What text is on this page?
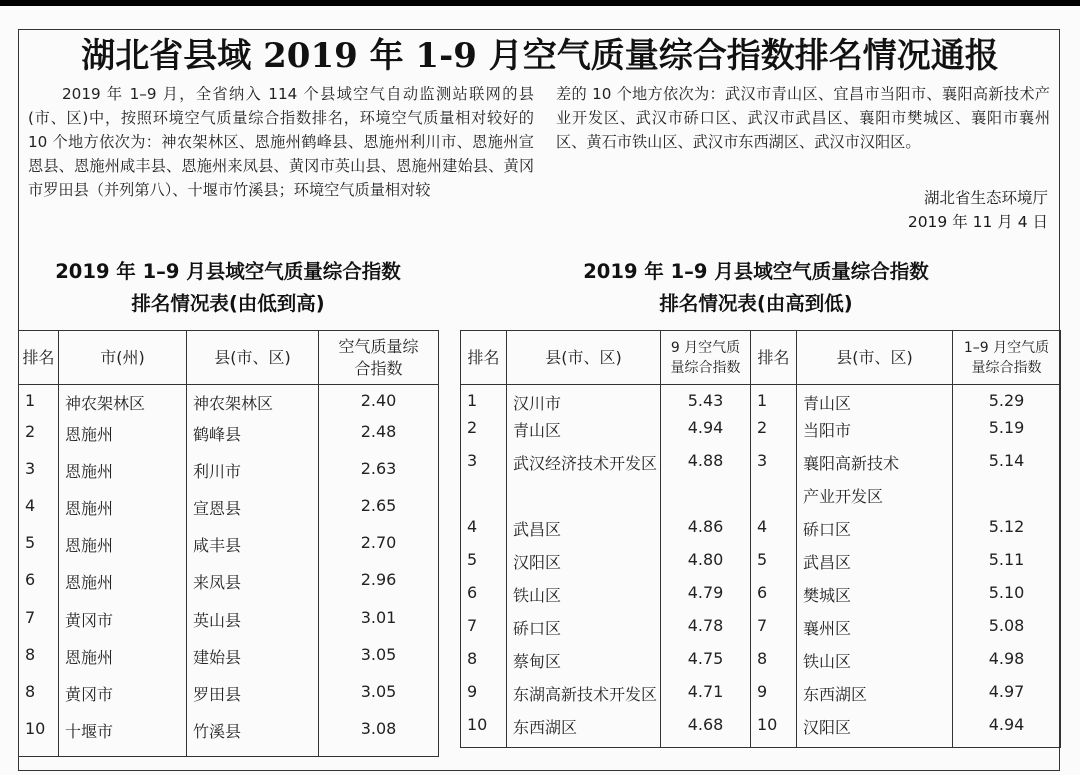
湖北省县域 2019 年 1-9 月空气质量综合指数排名情况通报
2019 年 1–9 月，全省纳入 114 个县域空气自动监测站联网的县(市、区)中，按照环境空气质量综合指数排名，环境空气质量相对较好的 10 个地方依次为：神农架林区、恩施州鹤峰县、恩施州利川市、恩施州宣恩县、恩施州咸丰县、恩施州来凤县、黄冈市英山县、恩施州建始县、黄冈市罗田县（并列第八）、十堰市竹溪县；环境空气质量相对较
差的 10 个地方依次为：武汉市青山区、宜昌市当阳市、襄阳高新技术产业开发区、武汉市硚口区、武汉市武昌区、襄阳市樊城区、襄阳市襄州区、黄石市铁山区、武汉市东西湖区、武汉市汉阳区。
湖北省生态环境厅
2019 年 11 月 4 日
2019 年 1–9 月县域空气质量综合指数
排名情况表(由低到高)
2019 年 1–9 月县域空气质量综合指数
排名情况表(由高到低)
排名	市(州)	县(市、区)	空气质量综合指数
1	神农架林区	神农架林区	2.40
2	恩施州	鹤峰县	2.48
3	恩施州	利川市	2.63
4	恩施州	宣恩县	2.65
5	恩施州	咸丰县	2.70
6	恩施州	来凤县	2.96
7	黄冈市	英山县	3.01
8	恩施州	建始县	3.05
8	黄冈市	罗田县	3.05
10	十堰市	竹溪县	3.08
排名	县(市、区)	9 月空气质量综合指数	排名	县(市、区)	1–9 月空气质量综合指数
1	汉川市	5.43	1	青山区	5.29
2	青山区	4.94	2	当阳市	5.19
3	武汉经济技术开发区	4.88	3	襄阳高新技术	5.14
				产业开发区	
4	武昌区	4.86	4	硚口区	5.12
5	汉阳区	4.80	5	武昌区	5.11
6	铁山区	4.79	6	樊城区	5.10
7	硚口区	4.78	7	襄州区	5.08
8	蔡甸区	4.75	8	铁山区	4.98
9	东湖高新技术开发区	4.71	9	东西湖区	4.97
10	东西湖区	4.68	10	汉阳区	4.94
